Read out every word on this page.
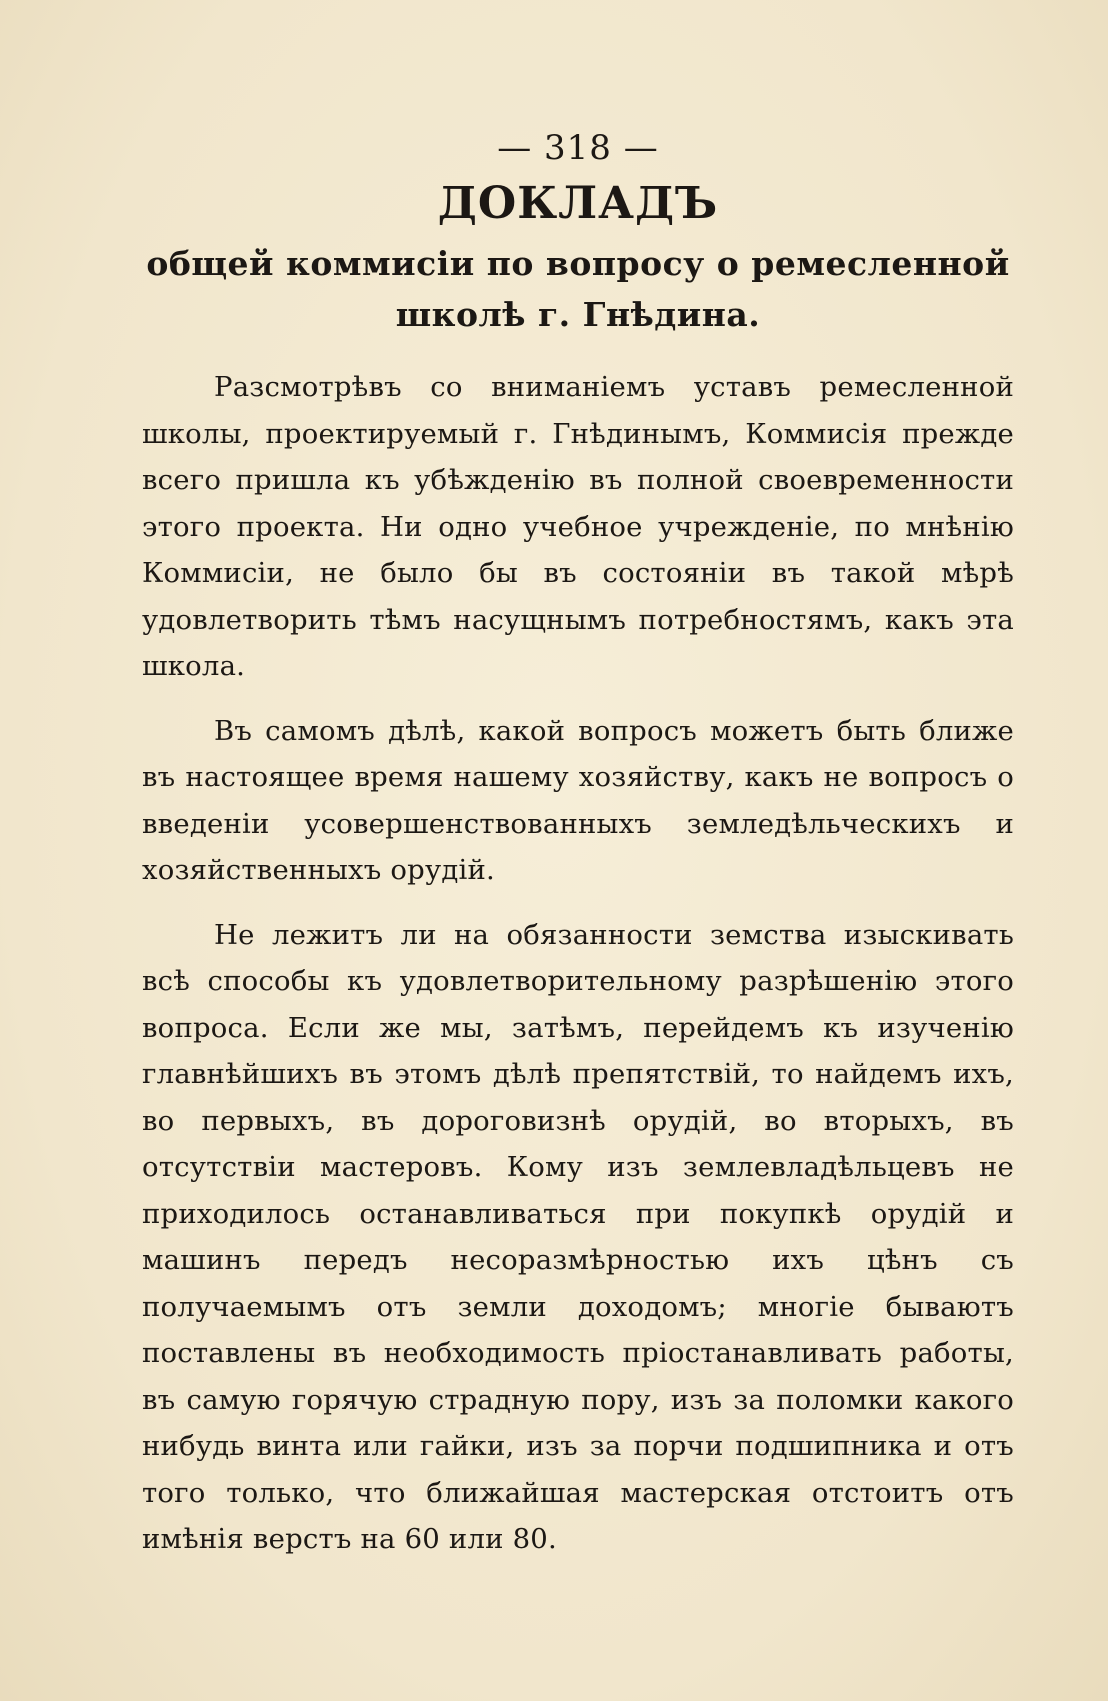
— 318 —
ДОКЛАДЪ
общей коммисіи по вопросу о ремесленной школѣ г. Гнѣдина.

Разсмотрѣвъ со вниманіемъ уставъ ремесленной школы, проектируемый г. Гнѣдинымъ, Коммисія прежде всего пришла къ убѣжденію въ полной своевременности этого проекта. Ни одно учебное учрежденіе, по мнѣнію Коммисіи, не было бы въ состояніи въ такой мѣрѣ удовлетворить тѣмъ насущнымъ потребностямъ, какъ эта школа.

Въ самомъ дѣлѣ, какой вопросъ можетъ быть ближе въ настоящее время нашему хозяйству, какъ не вопросъ о введеніи усовершенствованныхъ земледѣльческихъ и хозяйственныхъ орудій.

Не лежитъ ли на обязанности земства изыскивать всѣ способы къ удовлетворительному разрѣшенію этого вопроса. Если же мы, затѣмъ, перейдемъ къ изученію главнѣйшихъ въ этомъ дѣлѣ препятствій, то найдемъ ихъ, во первыхъ, въ дороговизнѣ орудій, во вторыхъ, въ отсутствіи мастеровъ. Кому изъ землевладѣльцевъ не приходилось останавливаться при покупкѣ орудій и машинъ передъ несоразмѣрностью ихъ цѣнъ съ получаемымъ отъ земли доходомъ; многіе бываютъ поставлены въ необходимость пріостанавливать работы, въ самую горячую страдную пору, изъ за поломки какого нибудь винта или гайки, изъ за порчи подшипника и отъ того только, что ближайшая мастерская отстоитъ отъ имѣнія верстъ на 60 или 80.
